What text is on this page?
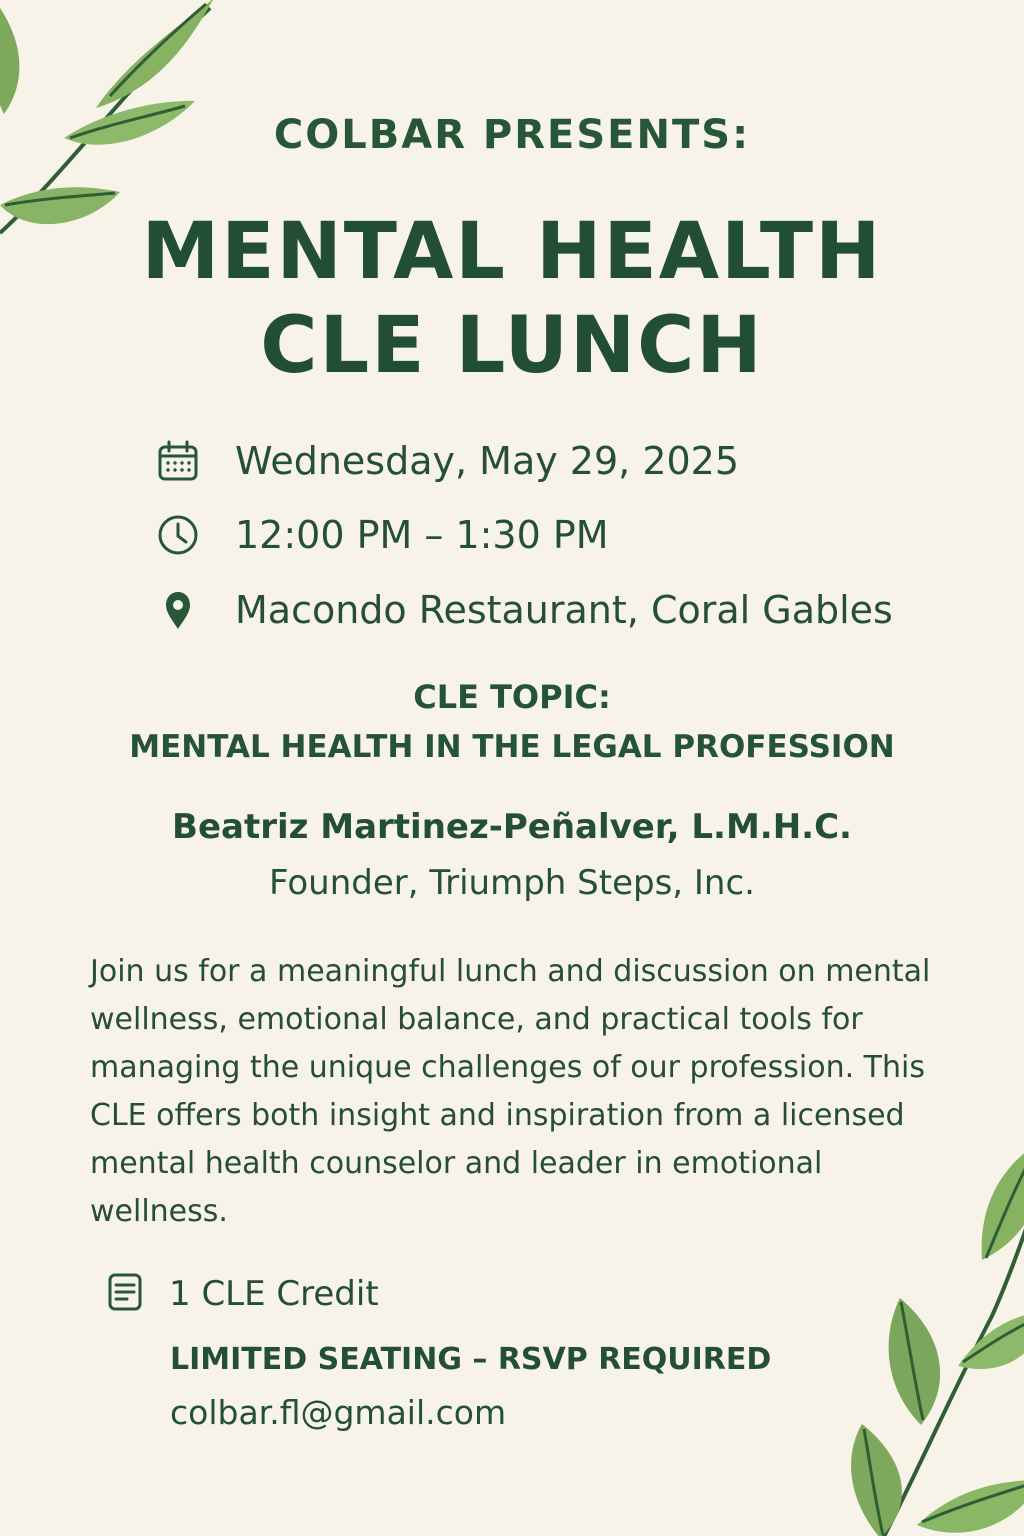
COLBAR PRESENTS:
MENTAL HEALTH
CLE LUNCH
Wednesday, May 29, 2025
12:00 PM – 1:30 PM
Macondo Restaurant, Coral Gables
CLE TOPIC:
MENTAL HEALTH IN THE LEGAL PROFESSION
Beatriz Martinez-Peñalver, L.M.H.C.
Founder, Triumph Steps, Inc.
Join us for a meaningful lunch and discussion on mental wellness, emotional balance, and practical tools for managing the unique challenges of our profession. This CLE offers both insight and inspiration from a licensed mental health counselor and leader in emotional wellness.
1 CLE Credit
LIMITED SEATING – RSVP REQUIRED
colbar.fl@gmail.com
